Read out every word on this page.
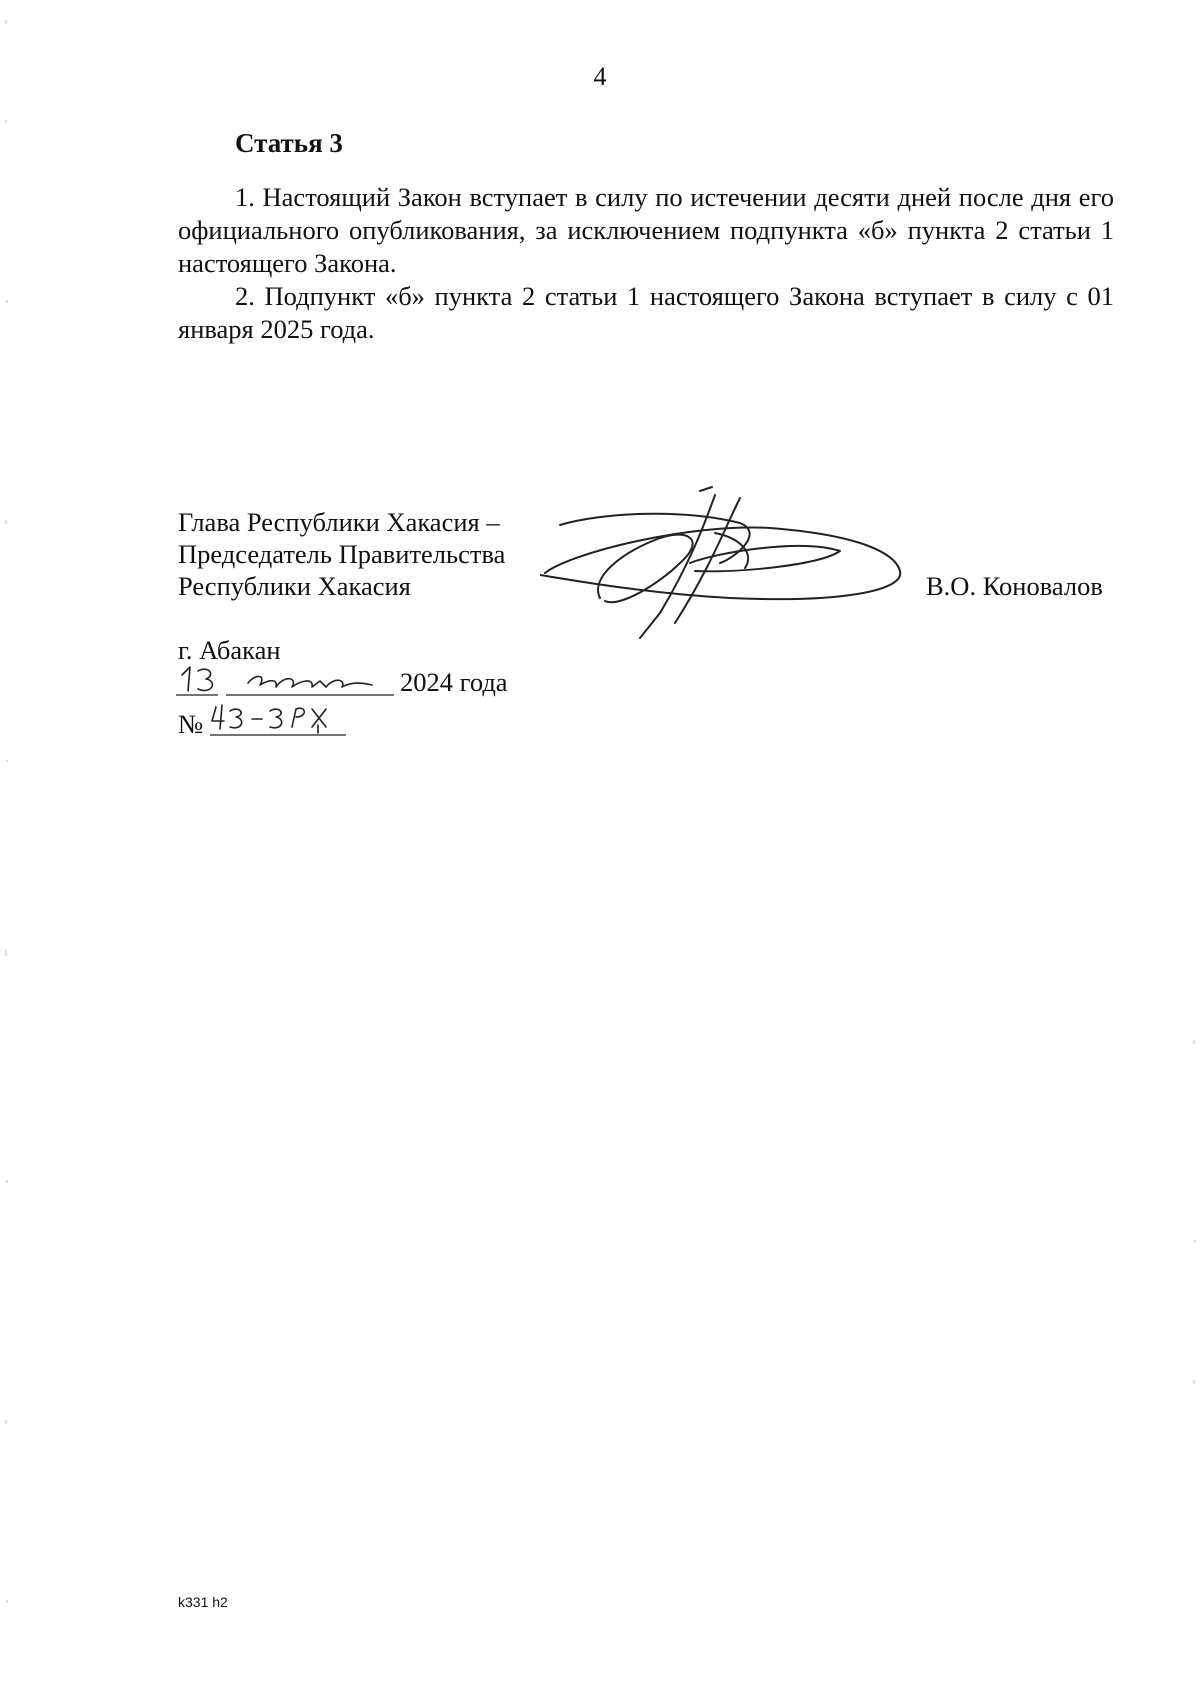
4
Статья 3

1. Настоящий Закон вступает в силу по истечении десяти дней после дня его официального опубликования, за исключением подпункта «б» пункта 2 статьи 1 настоящего Закона.

2. Подпункт «б» пункта 2 статьи 1 настоящего Закона вступает в силу с 01 января 2025 года.

Глава Республики Хакасия –
Председатель Правительства
Республики Хакасия	В.О. Коновалов
г. Абакан
2024 года
№
k331 h2
